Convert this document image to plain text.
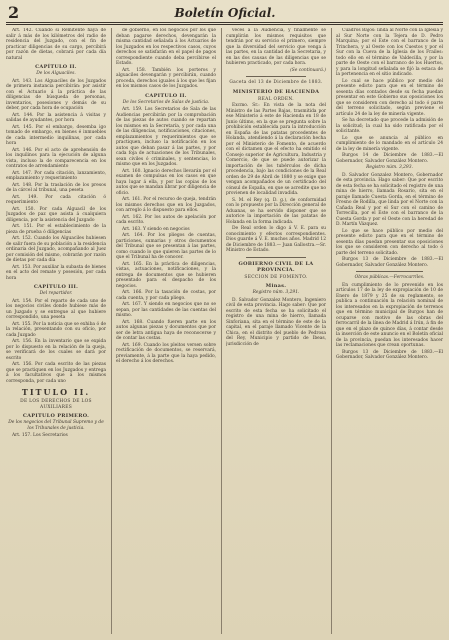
2	Boletín Oficial.

Art. 142. Cuando sí Remitente haya de salir á más de los kilómetros del radio de residencia del Juzgado, con el fin de practicar diligencias de su cargo, percibirá por razón de dietas, cobrará por cada día natural

CAPÍTULO II.

De los Alguaciles.

Art. 143. Los Alguaciles de los Juzgados de primera instancia percibirán: por asistir con el Actuario á la práctica de las diligencias de búsqueda de personas, inventarios, posesiones y demás de su deber, por cada hora de ocupación

Art. 144. Por la asistencia á visitas y salidas de ayudantes, por hora

Art. 145. Por el embargo, desemba igo tomado de embargo, en bienes é inmuebles de cada intermedio inquilinas, por cada hora

Art. 146. Por el acto de aprehensión de los inquilinos para la ejecución de alguna vista, incluso la de comparecencia en los contratos de arrendamiento

Art. 147. Por cada citación, lanzamiento, emplazamiento y requerimiento

Art. 148. Por la traslación de los presos de la cárcel al tribunal, una peseta

Art. 149. Por cada citación ó requerimiento

Art. 150. Por cada Alguacil de los Juzgados de paz que asista á cualquiera diligencia, por la asistencia del Juzgado

Art. 151. Por el establecimiento de la pieza de prueba ó diligencias

Art. 152. Cuando los Alguaciles hubiesen de salir fuera de su población a la residencia ordinaria del Juzgado, acompañando al Juez por comisión del mismo, cobrarán por razón de dietas por cada día

Art. 153. Por auxiliar la subasta de bienes en el acto del remate y posesión, por cada hora

CAPÍTULO III.

Del repartidor.

Art. 154. Por el reparto de cada uno de los negocios civiles donde hubiese más de un Juzgado y se entregue al que hubiere correspondido, una peseta

Art. 155. Por la noticia que se exhiba ó de la relación, presentando con su oficio, por cada Juzgado

Art. 156. En la inventario que se expida por lo dispuesto en la relación de la queja, se verificará de los cuales se dará por escrito

Art. 156. Por cada escrito de las piezas que se practiquen en los Juzgados y entrega á los facultativos que á los mismos corresponda, por cada uno

TITULO II.

DE LOS DERECHOS DE LOS AUXILIARES

CAPITULO PRIMERO.

De los negocios del Tribunal Supremo y de los Tribunales de justicia.

Art. 157. Los Secretarios

de gobierno, en los negocios por los que deban pagarse derechos, devengarán la misma cantidad señalada á los Actuarios de los Juzgados en los respectivos casos, cuyos derechos se satisfarán en el papel de pagos correspondiente cuando deba percibirse el Estado.

Art. 158. También los porteros y alguaciles devengarán y percibirán, cuando proceda, derechos iguales á los que les fijan en los mismos casos de los Juzgados.

CAPITULO II.

De los Secretarios de Salas de justicia.

Art. 159. Los Secretarios de Sala de las Audiencias percibirán por la comprobación de las piezas de autos cuando se repartan los mismos en la Secretaría, y por cada una de las diligencias, notificaciones, citaciones, emplazamientos y requerimientos que se practiquen, incluso la notificación en los autos que deban pasar á las partes, y por cada foja de actuaciones de los Tribunales, sean civiles ó criminales, y sentencias, lo mismo que en los Juzgados.

Art. 160. Ignacio derechos llevarán por el examen de compulsas en los casos en que haya lugar á ella, y por las copias de los autos que se mandan librar por diligencia de oficio.

Art. 161. Por el recurso de queja, tendrán los mismos derechos que en los Juzgados, con arreglo á lo dispuesto para ellos.

Art. 162. Por los autos de apelación por cada escrito.

Art. 163. Y siendo en negocios

Art. 164. Por los pliegos de cuentas, particiones, sumarias y otros documentos del Tribunal que se presentan á las partes, como cuando lo que quieren las partes de lo que el Tribunal ha de conocer.

Art. 165. En la práctica de diligencias, vistas, actuaciones, notificaciones, y la entrega de documentos que se hubieren presentado para el despacho de los negocios.

Art. 166. Por la tasación de costas, por cada cuenta, y por cada pliego.

Art. 167. Y siendo en negocios que no se sepan, por las cantidades de las cuentas del mismo.

Art. 168. Cuando fueren parte en los autos algunas piezas y documentos que por ser de letra antigua haya de reconocerse y de contar las costas.

Art. 169. Cuando los pleitos versen sobre rectificación de documentos, se reservará, previamente, á la parte que la haya pedido, el derecho á los derechos.

veces á la Audiencia, y finalmente se cumplirán los mismos requisitos que tendrán por su servicio el primero, siempre que la diversidad del servicio que venga á las partes, en la cantidad de la Secretaría, y en las dos causas de las diligencias que se hubieren practicado, por cada hora.

(Se continuará.)

Gaceta del 13 de Diciembre de 1883.

MINISTERIO DE HACIENDA

REAL ORDEN.

Excmo. Sr.: En vista de la nota del Ministro de las Partes Bajas, trasmitida por ese Ministerio á este de Hacienda en 18 de Junio último, en la que se pregunta sobre la prohibición establecida para la introducción en España de las patatas procedentes de Holanda, atendiendo á la declaración hecha por el Ministerio de Fomento, de acuerdo con el dictamen que el efecto ha emitido el Consejo superior de Agricultura, Industria y Comercio, de que se puede autorizar la importación de los tubérculos de dicha procedencia, bajo las condiciones de la Real orden de 29 de Abril de 1880 y se exige que vengan acompañados de un certificado del cónsul de España, en que se acredite que no provienen de localidad invadida.

S. M. el Rey (q. D. g.), de conformidad con lo propuesto por la Dirección general de Aduanas, se ha servido disponer que se autorice la importación de las patatas de Holanda en la forma indicada.

De Real orden lo digo á V. E. para su conocimiento y efectos correspondientes. Dios guarde á V. E. muchos años. Madrid 12 de Diciembre de 1883.— Juan Gallostra.—Sr. Ministro de Estado.

GOBIERNO CIVIL DE LA PROVINCIA.

SECCION DE FOMENTO.

Minas.

Registro núm. 3,291.

D. Salvador Gonzalez Montero, Ingeniero civil de esta provincia. Hago saber: Que por escrito de esta fecha se ha solicitado el registro de una mina de hierro, llamada Sinforiana, sita en el término de este de la capital, en el paraje llamado Vicente de la Chica, en el distrito del pueblo de Pedrosa del Rey, Municipio y partido de Ibeas, jurisdicción de

Cuadros Bajos: linda al Norte con la Iglesia y al Sur Norte con la Tejera de D. Pedro Marquina; por el Este con el barranco de la Trinchera, y al Oeste con los Cuestos y por el Sur con la Cueva de la Iglesia de los Frailes: todo ello en el término de Valdecilla, y por la parte de Oeste con el barranco de los Huertos, y para la longitud señalada se fijó la estaca de la pertenencia en el sitio indicado.

Lo cual se hace público por medio del presente edicto para que en el término de sesenta días contados desde su fecha puedan presentar en este Gobierno sus oposiciones los que se consideren con derecho al todo ó parte del terreno solicitado, según previene el artículo 24 de la ley de minería vigente.

Se ha decretado que procede la admisión de la solicitud; la cual ha sido ratificada por el solicitante.

Lo que se anuncia al público en cumplimiento de lo mandado en el artículo 24 de la ley de minería vigente.

Burgos 14 de Diciembre de 1883.—El Gobernador, Salvador González Montero.

Registro núm. 3,293.

D. Salvador Gonzalez Montero, Gobernador de esta provincia. Hago saber: Que por escrito de esta fecha se ha solicitado el registro de una mina de hierro, llamada Rosario, sita en el paraje llamado Cuesta Gorda, en el término de Fresno de Rodilla, que linda por el Norte con la Cañada Real y por el Sur con el camino de Torrecilla, por el Este con el barranco de la Cuesta Gorda y por el Oeste con la heredad de D. Martín Vázquez.

Lo que se hace público por medio del presente edicto para que en el término de sesenta días puedan presentar sus oposiciones los que se consideren con derecho al todo ó parte del terreno solicitado.

Burgos 13 de Diciembre de 1883.—El Gobernador, Salvador González Montero.

Obras públicas.—Ferrocarriles.

En cumplimiento de lo prevenido en los artículos 17 de la ley de expropiación de 10 de Enero de 1879 y 25 de su reglamento, se publica a continuación la relación nominal de los interesados en la expropiación de terrenos que en término municipal de Burgos han de ocuparse con motivo de las obras del ferrocarril de la línea de Madrid á Irún, á fin de que en el plazo de quince días, á contar desde la inserción de este anuncio en el Boletín oficial de la provincia, puedan los interesados hacer las reclamaciones que crean oportunas.

Burgos 13 de Diciembre de 1883.—El Gobernador, Salvador González Montero.
